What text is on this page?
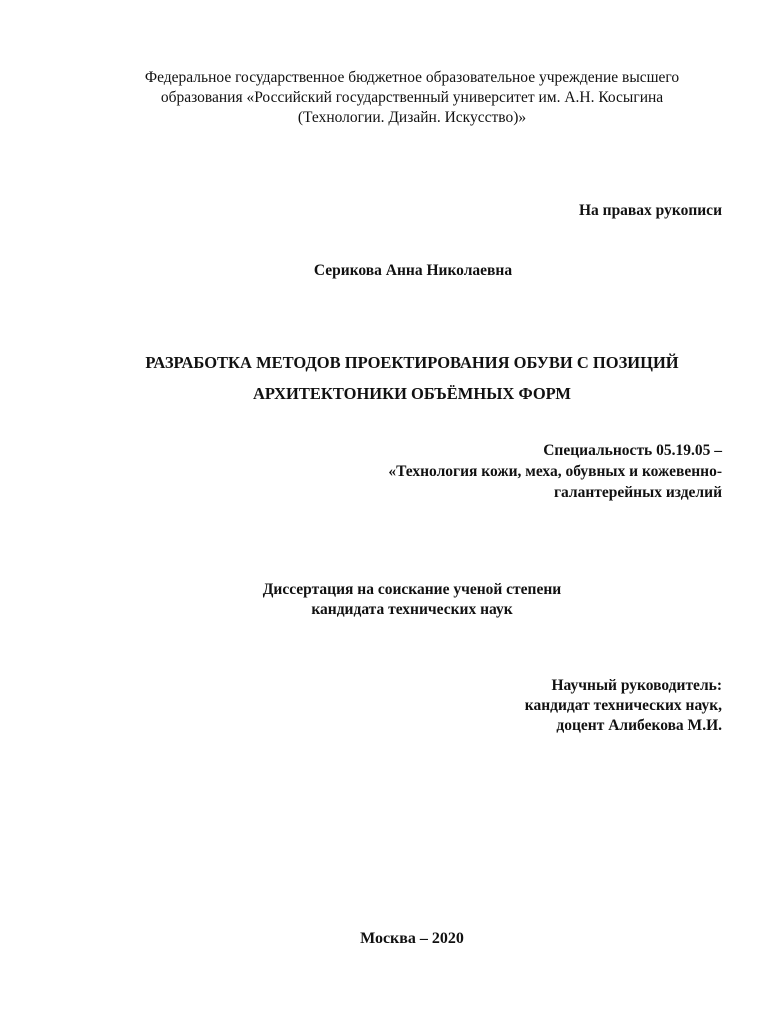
Федеральное государственное бюджетное образовательное учреждение высшего
образования «Российский государственный университет им. А.Н. Косыгина
(Технологии. Дизайн. Искусство)»
На правах рукописи
Серикова Анна Николаевна
РАЗРАБОТКА МЕТОДОВ ПРОЕКТИРОВАНИЯ ОБУВИ С ПОЗИЦИЙ
АРХИТЕКТОНИКИ ОБЪЁМНЫХ ФОРМ
Специальность 05.19.05 –
«Технология кожи, меха, обувных и кожевенно-
галантерейных изделий
Диссертация на соискание ученой степени
кандидата технических наук
Научный руководитель:
кандидат технических наук,
доцент Алибекова М.И.
Москва – 2020
